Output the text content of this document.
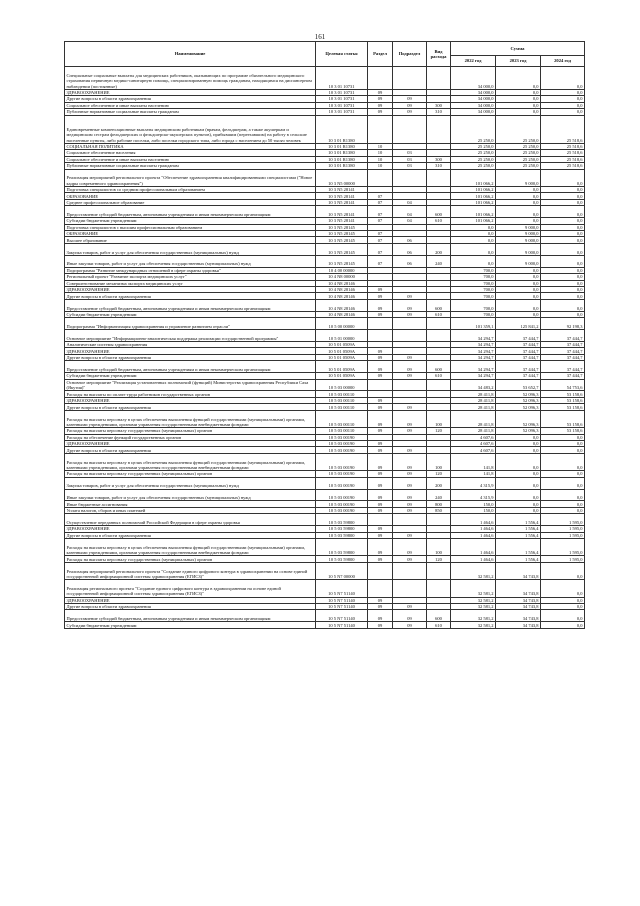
161
Наименование	Целевая статья	Раздел	Подраздел	Вид расхода	Сумма		
					2022 год	2023 год	2024 год
Специальные социальные выплаты для медицинских работников, оказывающих по программе обязательного медицинского страхования первичную медико-санитарную помощь, специализированную помощь гражданам, находящимся на диспансерном наблюдении (постоянные)	10 3 01 10731				34 000,0	0,0	0,0
ЗДРАВООХРАНЕНИЕ	10 3 01 10731	09			34 000,0	0,0	0,0
Другие вопросы в области здравоохранения	10 3 01 10731	09	09		34 000,0	0,0	0,0
Социальное обеспечение и иные выплаты населению	10 3 01 10731	09	09	300	34 000,0	0,0	0,0
Публичные нормативные социальные выплаты гражданам	10 3 01 10731	09	09	310	34 000,0	0,0	0,0
Единовременные компенсационные выплаты медицинским работникам (врачам, фельдшерам, а также акушеркам и медицинским сестрам фельдшерских и фельдшерско-акушерских пунктов), прибывшим (переехавшим) на работу в сельские населенные пункты, либо рабочие поселки, либо поселки городского типа, либо города с населением до 50 тысяч человек	10 3 01 R1380				25 250,0	25 250,0	25 518,6
СОЦИАЛЬНАЯ ПОЛИТИКА	10 3 01 R1380	10			25 250,0	25 250,0	25 518,6
Социальное обеспечение населения	10 3 01 R1380	10	03		25 250,0	25 250,0	25 518,6
Социальное обеспечение и иные выплаты населению	10 3 01 R1380	10	03	300	25 250,0	25 250,0	25 518,6
Публичные нормативные социальные выплаты гражданам	10 3 01 R1380	10	03	310	25 250,0	25 250,0	25 518,6
Реализация мероприятий регионального проекта "Обеспечение здравоохранения квалифицированными специалистами ("Новое кадры современного здравоохранения")	10 3 N5 00000				101 066,2	9 000,0	0,0
Подготовка специалистов со средним профессиональным образованием	10 3 N5 28141				101 066,2	0,0	0,0
ОБРАЗОВАНИЕ	10 3 N5 28141	07			101 066,2	0,0	0,0
Среднее профессиональное образование	10 3 N5 28141	07	04		101 066,2	0,0	0,0
Предоставление субсидий бюджетным, автономным учреждениям и иным некоммерческим организациям	10 3 N5 28141	07	04	600	101 066,2	0,0	0,0
Субсидии бюджетным учреждениям	10 3 N5 28141	07	04	610	101 066,2	0,0	0,0
Подготовка специалистов с высшим профессиональным образованием	10 3 N5 28145				0,0	9 000,0	0,0
ОБРАЗОВАНИЕ	10 3 N5 28145	07			0,0	9 000,0	0,0
Высшее образование	10 3 N5 28145	07	06		0,0	9 000,0	0,0
Закупка товаров, работ и услуг для обеспечения государственных (муниципальных) нужд	10 3 N5 28145	07	06	200	0,0	9 000,0	0,0
Иные закупки товаров, работ и услуг для обеспечения государственных (муниципальных) нужд	10 3 N5 28145	07	06	240	0,0	9 000,0	0,0
Подпрограмма "Развитие международных отношений в сфере охраны здоровья"	10 4 00 00000				700,0	0,0	0,0
Региональный проект "Развитие экспорта медицинских услуг"	10 4 N8 00000				700,0	0,0	0,0
Совершенствование механизма экспорта медицинских услуг	10 4 N8 28146				700,0	0,0	0,0
ЗДРАВООХРАНЕНИЕ	10 4 N8 28146	09			700,0	0,0	0,0
Другие вопросы в области здравоохранения	10 4 N8 28146	09	09		700,0	0,0	0,0
Предоставление субсидий бюджетным, автономным учреждениям и иным некоммерческим организациям	10 4 N8 28146	09	09	600	700,0	0,0	0,0
Субсидии бюджетным учреждениям	10 4 N8 28146	09	09	610	700,0	0,0	0,0
Подпрограмма "Информатизация здравоохранения и управление развитием отрасли"	10 5 00 00000				101 359,1	125 841,2	92 198,3
Основное мероприятие "Информационно-аналитическая поддержка реализации государственной программы"	10 5 01 00000				34 294,7	37 444,7	37 444,7
Аналитические системы здравоохранения	10 5 01 0509A				34 294,7	37 444,7	37 444,7
ЗДРАВООХРАНЕНИЕ	10 5 01 0509A	09			34 294,7	37 444,7	37 444,7
Другие вопросы в области здравоохранения	10 5 01 0509A	09	09		34 294,7	37 444,7	37 444,7
Предоставление субсидий бюджетным, автономным учреждениям и иным некоммерческим организациям	10 5 01 0509A	09	09	600	34 294,7	37 444,7	37 444,7
Субсидии бюджетным учреждениям	10 5 01 0509A	09	09	610	34 294,7	37 444,7	37 444,7
Основное мероприятие "Реализация установленных полномочий (функций) Министерства здравоохранения Республики Саха (Якутия)"	10 5 03 00000				34 483,2	53 652,7	54 753,6
Расходы на выплаты по оплате труда работников государственных органов	10 5 03 00110				28 411,8	52 096,3	53 158,6
ЗДРАВООХРАНЕНИЕ	10 5 03 00110	09			28 411,8	52 096,3	53 158,6
Другие вопросы в области здравоохранения	10 5 03 00110	09	09		28 411,8	52 096,3	53 158,6
Расходы на выплаты персоналу в целях обеспечения выполнения функций государственными (муниципальными) органами, казенными учреждениями, органами управления государственными внебюджетными фондами	10 5 03 00110	09	09	100	28 411,8	52 096,3	53 158,6
Расходы на выплаты персоналу государственных (муниципальных) органов	10 5 03 00110	09	09	120	28 411,8	52 096,3	53 158,6
Расходы на обеспечение функций государственных органов	10 5 03 00190				4 607,6	0,0	0,0
ЗДРАВООХРАНЕНИЕ	10 5 03 00190	09			4 607,6	0,0	0,0
Другие вопросы в области здравоохранения	10 5 03 00190	09	09		4 607,6	0,0	0,0
Расходы на выплаты персоналу в целях обеспечения выполнения функций государственными (муниципальными) органами, казенными учреждениями, органами управления государственными внебюджетными фондами	10 5 03 00190	09	09	100	141,8	0,0	0,0
Расходы на выплаты персоналу государственных (муниципальных) органов	10 5 03 00190	09	09	120	141,8	0,0	0,0
Закупка товаров, работ и услуг для обеспечения государственных (муниципальных) нужд	10 5 03 00190	09	09	200	4 315,9	0,0	0,0
Иные закупки товаров, работ и услуг для обеспечения государственных (муниципальных) нужд	10 5 03 00190	09	09	240	4 315,9	0,0	0,0
Иные бюджетные ассигнования	10 5 03 00190	09	09	800	150,0	0,0	0,0
Уплата налогов, сборов и иных платежей	10 5 03 00190	09	09	850	150,0	0,0	0,0
Осуществление переданных полномочий Российской Федерации в сфере охраны здоровья	10 5 03 59800				1 464,6	1 556,4	1 595,0
ЗДРАВООХРАНЕНИЕ	10 5 03 59800	09			1 464,6	1 556,4	1 595,0
Другие вопросы в области здравоохранения	10 5 03 59800	09	09		1 464,6	1 556,4	1 595,0
Расходы на выплаты персоналу в целях обеспечения выполнения функций государственными (муниципальными) органами, казенными учреждениями, органами управления государственными внебюджетными фондами	10 5 03 59800	09	09	100	1 464,6	1 556,4	1 595,0
Расходы на выплаты персоналу государственных (муниципальных) органов	10 5 03 59800	09	09	120	1 464,6	1 556,4	1 595,0
Реализация мероприятий регионального проекта "Создание единого цифрового контура в здравоохранении на основе единой государственной информационной системы здравоохранения (ЕГИСЗ)"	10 5 N7 00000				32 581,2	34 743,8	0,0
Реализация регионального проекта "Создание единого цифрового контура в здравоохранении на основе единой государственной информационной системы здравоохранения (ЕГИСЗ)"	10 5 N7 51140				32 581,2	34 743,8	0,0
ЗДРАВООХРАНЕНИЕ	10 5 N7 51140	09			32 581,2	34 743,8	0,0
Другие вопросы в области здравоохранения	10 5 N7 51140	09	09		32 581,2	34 743,8	0,0
Предоставление субсидий бюджетным, автономным учреждениям и иным некоммерческим организациям	10 5 N7 51140	09	09	600	32 581,2	34 743,8	0,0
Субсидии бюджетным учреждениям	10 5 N7 51140	09	09	610	32 581,2	34 743,8	0,0
